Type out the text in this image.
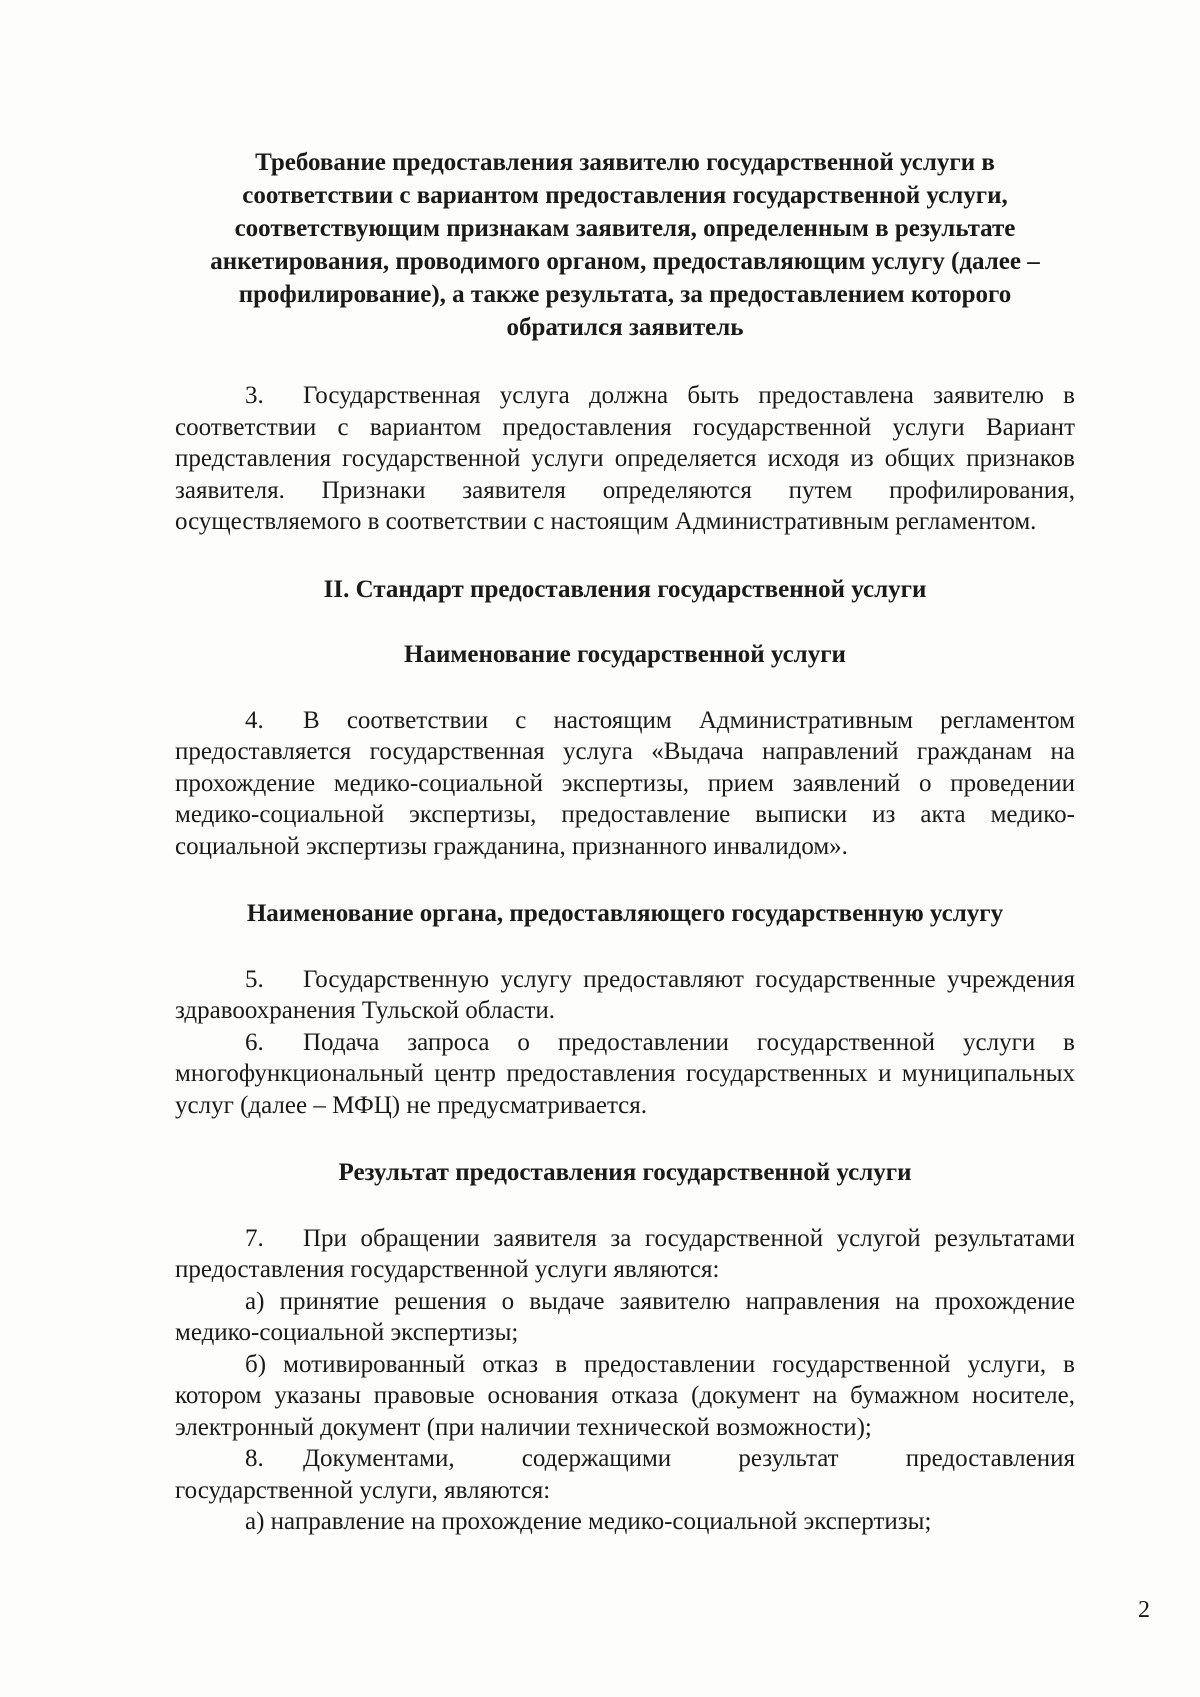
Требование предоставления заявителю государственной услуги в соответствии с вариантом предоставления государственной услуги, соответствующим признакам заявителя, определенным в результате анкетирования, проводимого органом, предоставляющим услугу (далее – профилирование), а также результата, за предоставлением которого обратился заявитель

3. Государственная услуга должна быть предоставлена заявителю в соответствии с вариантом предоставления государственной услуги Вариант представления государственной услуги определяется исходя из общих признаков заявителя. Признаки заявителя определяются путем профилирования, осуществляемого в соответствии с настоящим Административным регламентом.

II. Стандарт предоставления государственной услуги

Наименование государственной услуги

4. В соответствии с настоящим Административным регламентом предоставляется государственная услуга «Выдача направлений гражданам на прохождение медико-социальной экспертизы, прием заявлений о проведении медико-социальной экспертизы, предоставление выписки из акта медико-социальной экспертизы гражданина, признанного инвалидом».

Наименование органа, предоставляющего государственную услугу

5. Государственную услугу предоставляют государственные учреждения здравоохранения Тульской области.

6. Подача запроса о предоставлении государственной услуги в многофункциональный центр предоставления государственных и муниципальных услуг (далее – МФЦ) не предусматривается.

Результат предоставления государственной услуги

7. При обращении заявителя за государственной услугой результатами предоставления государственной услуги являются:

а) принятие решения о выдаче заявителю направления на прохождение медико-социальной экспертизы;

б) мотивированный отказ в предоставлении государственной услуги, в котором указаны правовые основания отказа (документ на бумажном носителе, электронный документ (при наличии технической возможности);

8. Документами, содержащими результат предоставления государственной услуги, являются:

а) направление на прохождение медико-социальной экспертизы;

2
